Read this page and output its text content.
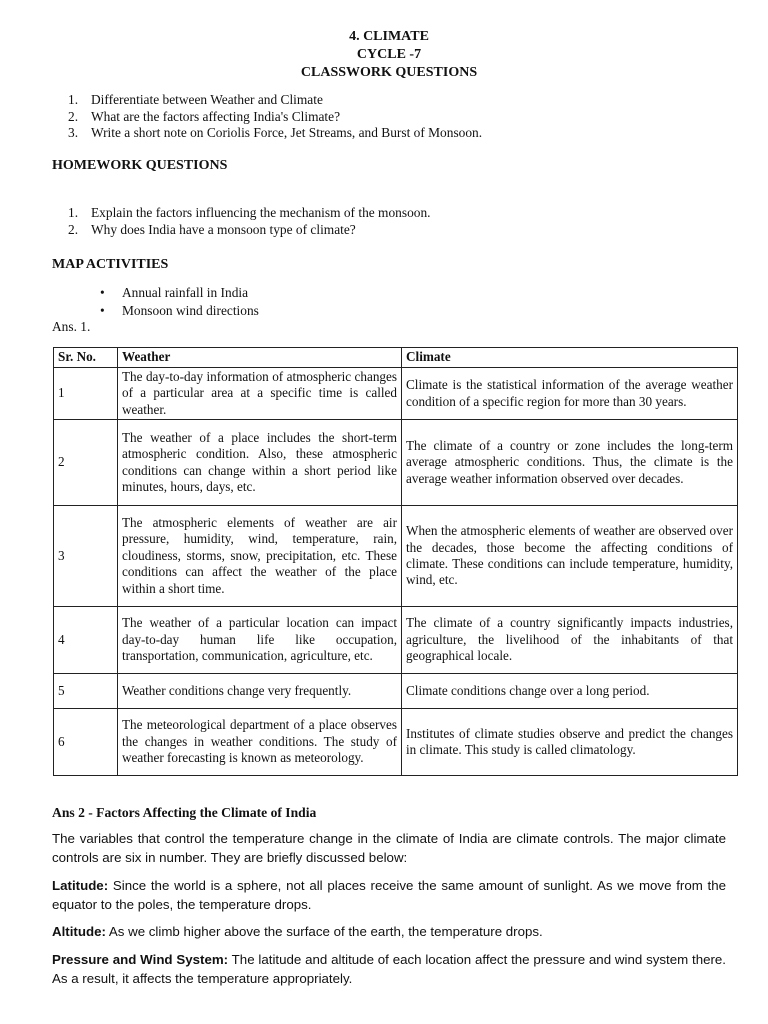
4. CLIMATE
CYCLE -7
CLASSWORK QUESTIONS
1. Differentiate between Weather and Climate
2. What are the factors affecting India's Climate?
3. Write a short note on Coriolis Force, Jet Streams, and Burst of Monsoon.
HOMEWORK QUESTIONS
1. Explain the factors influencing the mechanism of the monsoon.
2. Why does India have a monsoon type of climate?
MAP ACTIVITIES
•	Annual rainfall in India
•	Monsoon wind directions
Ans. 1.
Sr. No.	Weather	Climate
1	The day-to-day information of atmospheric changes of a particular area at a specific time is called weather.	Climate is the statistical information of the average weather condition of a specific region for more than 30 years.
2	The weather of a place includes the short-term atmospheric condition. Also, these atmospheric conditions can change within a short period like minutes, hours, days, etc.	The climate of a country or zone includes the long-term average atmospheric conditions. Thus, the climate is the average weather information observed over decades.
3	The atmospheric elements of weather are air pressure, humidity, wind, temperature, rain, cloudiness, storms, snow, precipitation, etc. These conditions can affect the weather of the place within a short time.	When the atmospheric elements of weather are observed over the decades, those become the affecting conditions of climate. These conditions can include temperature, humidity, wind, etc.
4	The weather of a particular location can impact day-to-day human life like occupation, transportation, communication, agriculture, etc.	The climate of a country significantly impacts industries, agriculture, the livelihood of the inhabitants of that geographical locale.
5	Weather conditions change very frequently.	Climate conditions change over a long period.
6	The meteorological department of a place observes the changes in weather conditions. The study of weather forecasting is known as meteorology.	Institutes of climate studies observe and predict the changes in climate. This study is called climatology.
Ans 2 - Factors Affecting the Climate of India
The variables that control the temperature change in the climate of India are climate controls. The major climate controls are six in number. They are briefly discussed below:
Latitude: Since the world is a sphere, not all places receive the same amount of sunlight. As we move from the equator to the poles, the temperature drops.
Altitude: As we climb higher above the surface of the earth, the temperature drops.
Pressure and Wind System: The latitude and altitude of each location affect the pressure and wind system there. As a result, it affects the temperature appropriately.
